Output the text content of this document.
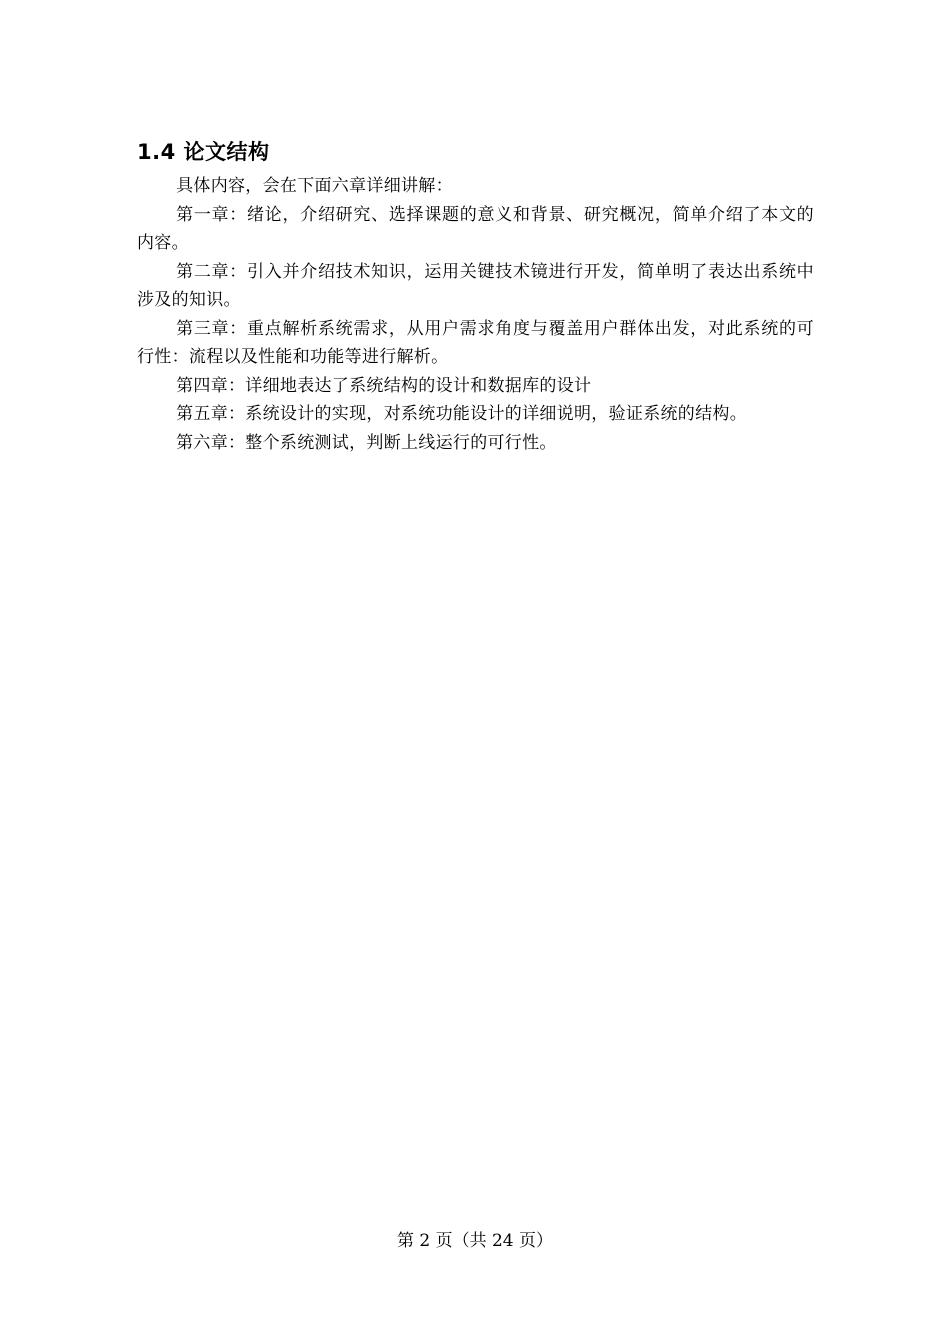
1.4 论文结构

具体内容，会在下面六章详细讲解：

第一章：绪论，介绍研究、选择课题的意义和背景、研究概况，简单介绍了本文的内容。

第二章：引入并介绍技术知识，运用关键技术镜进行开发，简单明了表达出系统中涉及的知识。

第三章：重点解析系统需求，从用户需求角度与覆盖用户群体出发，对此系统的可行性：流程以及性能和功能等进行解析。

第四章：详细地表达了系统结构的设计和数据库的设计

第五章：系统设计的实现，对系统功能设计的详细说明，验证系统的结构。

第六章：整个系统测试，判断上线运行的可行性。

第 2 页（共 24 页）
